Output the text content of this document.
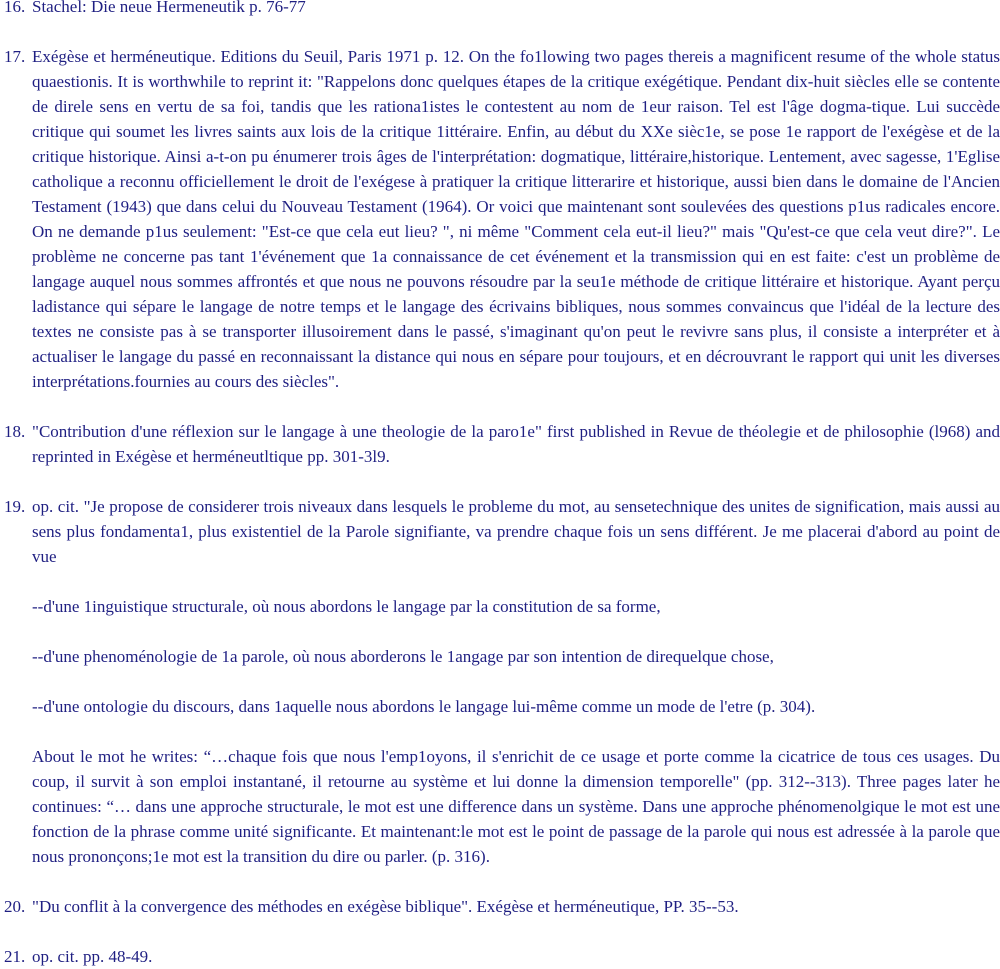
16. Stachel: Die neue Hermeneutik p. 76-77

17. Exégèse et herméneutique. Editions du Seuil, Paris 1971 p. 12. On the fo1lowing two pages thereis a magnificent resume of the whole status quaestionis. It is worthwhile to reprint it: "Rappelons donc quelques étapes de la critique exégétique. Pendant dix-huit siècles elle se contente de direle sens en vertu de sa foi, tandis que les rationa1istes le contestent au nom de 1eur raison. Tel est l'âge dogma-tique. Lui succède critique qui soumet les livres saints aux lois de la critique 1ittéraire. Enfin, au début du XXe sièc1e, se pose 1e rapport de l'exégèse et de la critique historique. Ainsi a-t-on pu énumerer trois âges de l'interprétation: dogmatique, littéraire,historique. Lentement, avec sagesse, 1'Eglise catholique a reconnu officiellement le droit de l'exégese à pratiquer la critique litterarire et historique, aussi bien dans le domaine de l'Ancien Testament (1943) que dans celui du Nouveau Testament (1964). Or voici que maintenant sont soulevées des questions p1us radicales encore. On ne demande p1us seulement: "Est-ce que cela eut lieu? ", ni même "Comment cela eut-il lieu?" mais "Qu'est-ce que cela veut dire?". Le problème ne concerne pas tant 1'événement que 1a connaissance de cet événement et la transmission qui en est faite: c'est un problème de langage auquel nous sommes affrontés et que nous ne pouvons résoudre par la seu1e méthode de critique littéraire et historique. Ayant perçu ladistance qui sépare le langage de notre temps et le langage des écrivains bibliques, nous sommes convaincus que l'idéal de la lecture des textes ne consiste pas à se transporter illusoirement dans le passé, s'imaginant qu'on peut le revivre sans plus, il consiste a interpréter et à actualiser le langage du passé en reconnaissant la distance qui nous en sépare pour toujours, et en décrouvrant le rapport qui unit les diverses interprétations.fournies au cours des siècles".

18. "Contribution d'une réflexion sur le langage à une theologie de la paro1e" first published in Revue de théolegie et de philosophie (l968) and reprinted in Exégèse et herméneutltique pp. 301-3l9.

19. op. cit. "Je propose de considerer trois niveaux dans lesquels le probleme du mot, au sensetechnique des unites de signification, mais aussi au sens plus fondamenta1, plus existentiel de la Parole signifiante, va prendre chaque fois un sens différent. Je me placerai d'abord au point de vue

--d'une 1inguistique structurale, où nous abordons le langage par la constitution de sa forme,

--d'une phenoménologie de 1a parole, où nous aborderons le 1angage par son intention de direquelque chose,

--d'une ontologie du discours, dans 1aquelle nous abordons le langage lui-même comme un mode de l'etre (p. 304).

About le mot he writes: “…chaque fois que nous l'emp1oyons, il s'enrichit de ce usage et porte comme la cicatrice de tous ces usages. Du coup, il survit à son emploi instantané, il retourne au système et lui donne la dimension temporelle" (pp. 312--313). Three pages later he continues: “… dans une approche structurale, le mot est une difference dans un système. Dans une approche phénomenolgique le mot est une fonction de la phrase comme unité significante. Et maintenant:le mot est le point de passage de la parole qui nous est adressée à la parole que nous prononçons;1e mot est la transition du dire ou parler. (p. 316).

20. "Du conflit à la convergence des méthodes en exégèse biblique". Exégèse et herméneutique, PP. 35--53.

21. op. cit. pp. 48-49.
